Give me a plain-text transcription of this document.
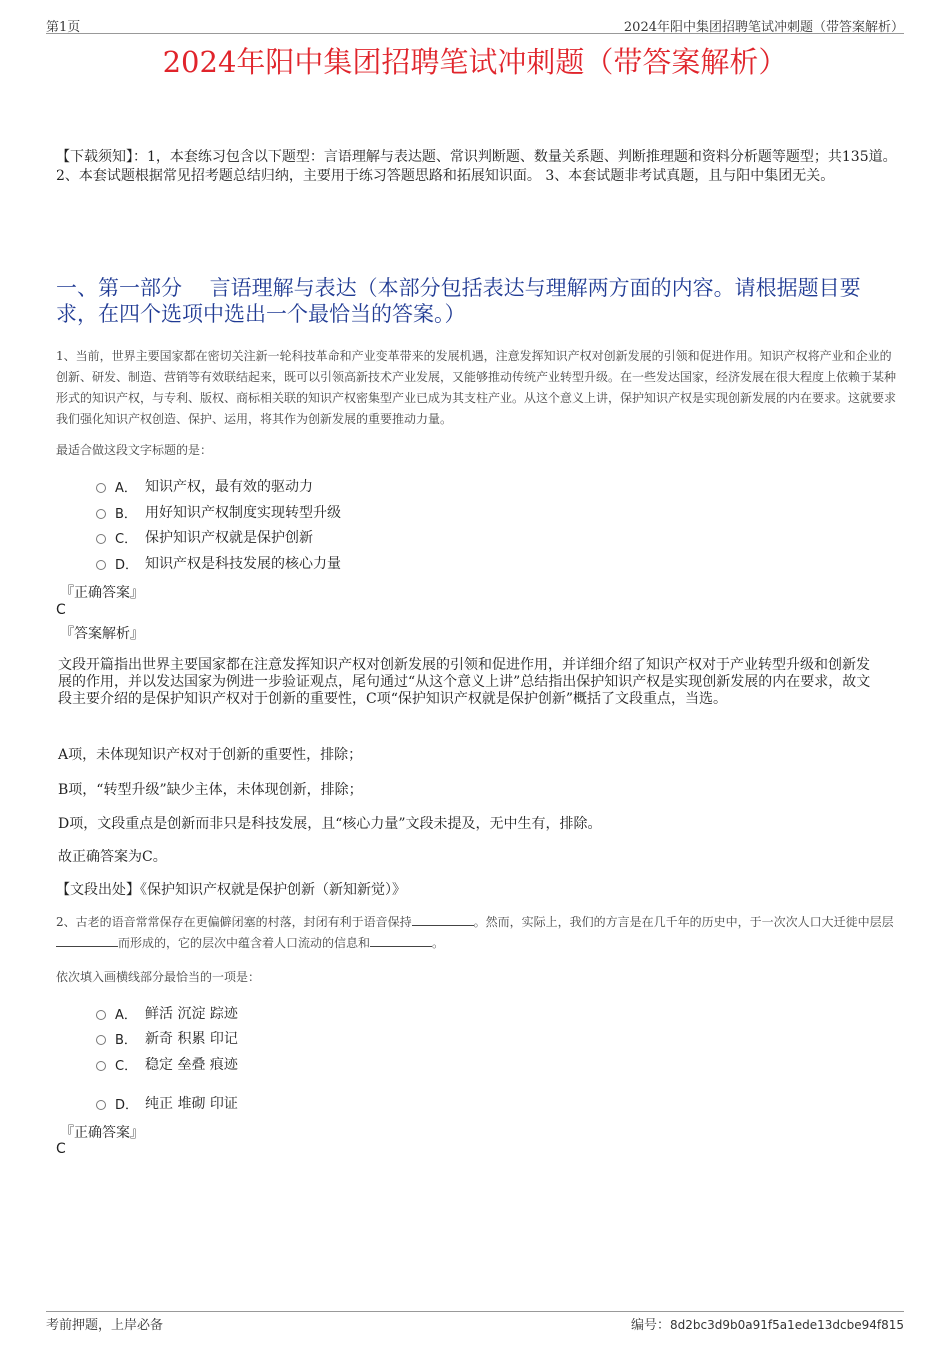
第1页	2024年阳中集团招聘笔试冲刺题（带答案解析）
2024年阳中集团招聘笔试冲刺题（带答案解析）
【下载须知】：1，本套练习包含以下题型：言语理解与表达题、常识判断题、数量关系题、判断推理题和资料分析题等题型；共135道。 2、本套试题根据常见招考题总结归纳，主要用于练习答题思路和拓展知识面。 3、本套试题非考试真题，且与阳中集团无关。
一、第一部分　 言语理解与表达（本部分包括表达与理解两方面的内容。请根据题目要求，在四个选项中选出一个最恰当的答案。）
1、当前，世界主要国家都在密切关注新一轮科技革命和产业变革带来的发展机遇，注意发挥知识产权对创新发展的引领和促进作用。知识产权将产业和企业的创新、研发、制造、营销等有效联结起来，既可以引领高新技术产业发展，又能够推动传统产业转型升级。在一些发达国家，经济发展在很大程度上依赖于某种形式的知识产权，与专利、版权、商标相关联的知识产权密集型产业已成为其支柱产业。从这个意义上讲，保护知识产权是实现创新发展的内在要求。这就要求我们强化知识产权创造、保护、运用，将其作为创新发展的重要推动力量。
最适合做这段文字标题的是：
A． 知识产权，最有效的驱动力
B． 用好知识产权制度实现转型升级
C． 保护知识产权就是保护创新
D． 知识产权是科技发展的核心力量
『正确答案』
C
『答案解析』
文段开篇指出世界主要国家都在注意发挥知识产权对创新发展的引领和促进作用，并详细介绍了知识产权对于产业转型升级和创新发展的作用，并以发达国家为例进一步验证观点，尾句通过“从这个意义上讲”总结指出保护知识产权是实现创新发展的内在要求，故文段主要介绍的是保护知识产权对于创新的重要性，C项“保护知识产权就是保护创新”概括了文段重点，当选。
A项，未体现知识产权对于创新的重要性，排除；
B项，“转型升级”缺少主体，未体现创新，排除；
D项，文段重点是创新而非只是科技发展，且“核心力量”文段未提及，无中生有，排除。
故正确答案为C。
【文段出处】《保护知识产权就是保护创新（新知新觉）》
2、古老的语音常常保存在更偏僻闭塞的村落，封闭有利于语音保持	。然而，实际上，我们的方言是在几千年的历史中，于一次次人口大迁徙中层层而形成的，它的层次中蕴含着人口流动的信息和	。
依次填入画横线部分最恰当的一项是：
A． 鲜活 沉淀 踪迹
B． 新奇 积累 印记
C． 稳定 垒叠 痕迹
D． 纯正 堆砌 印证
『正确答案』
C
考前押题，上岸必备	编号：8d2bc3d9b0a91f5a1ede13dcbe94f815
